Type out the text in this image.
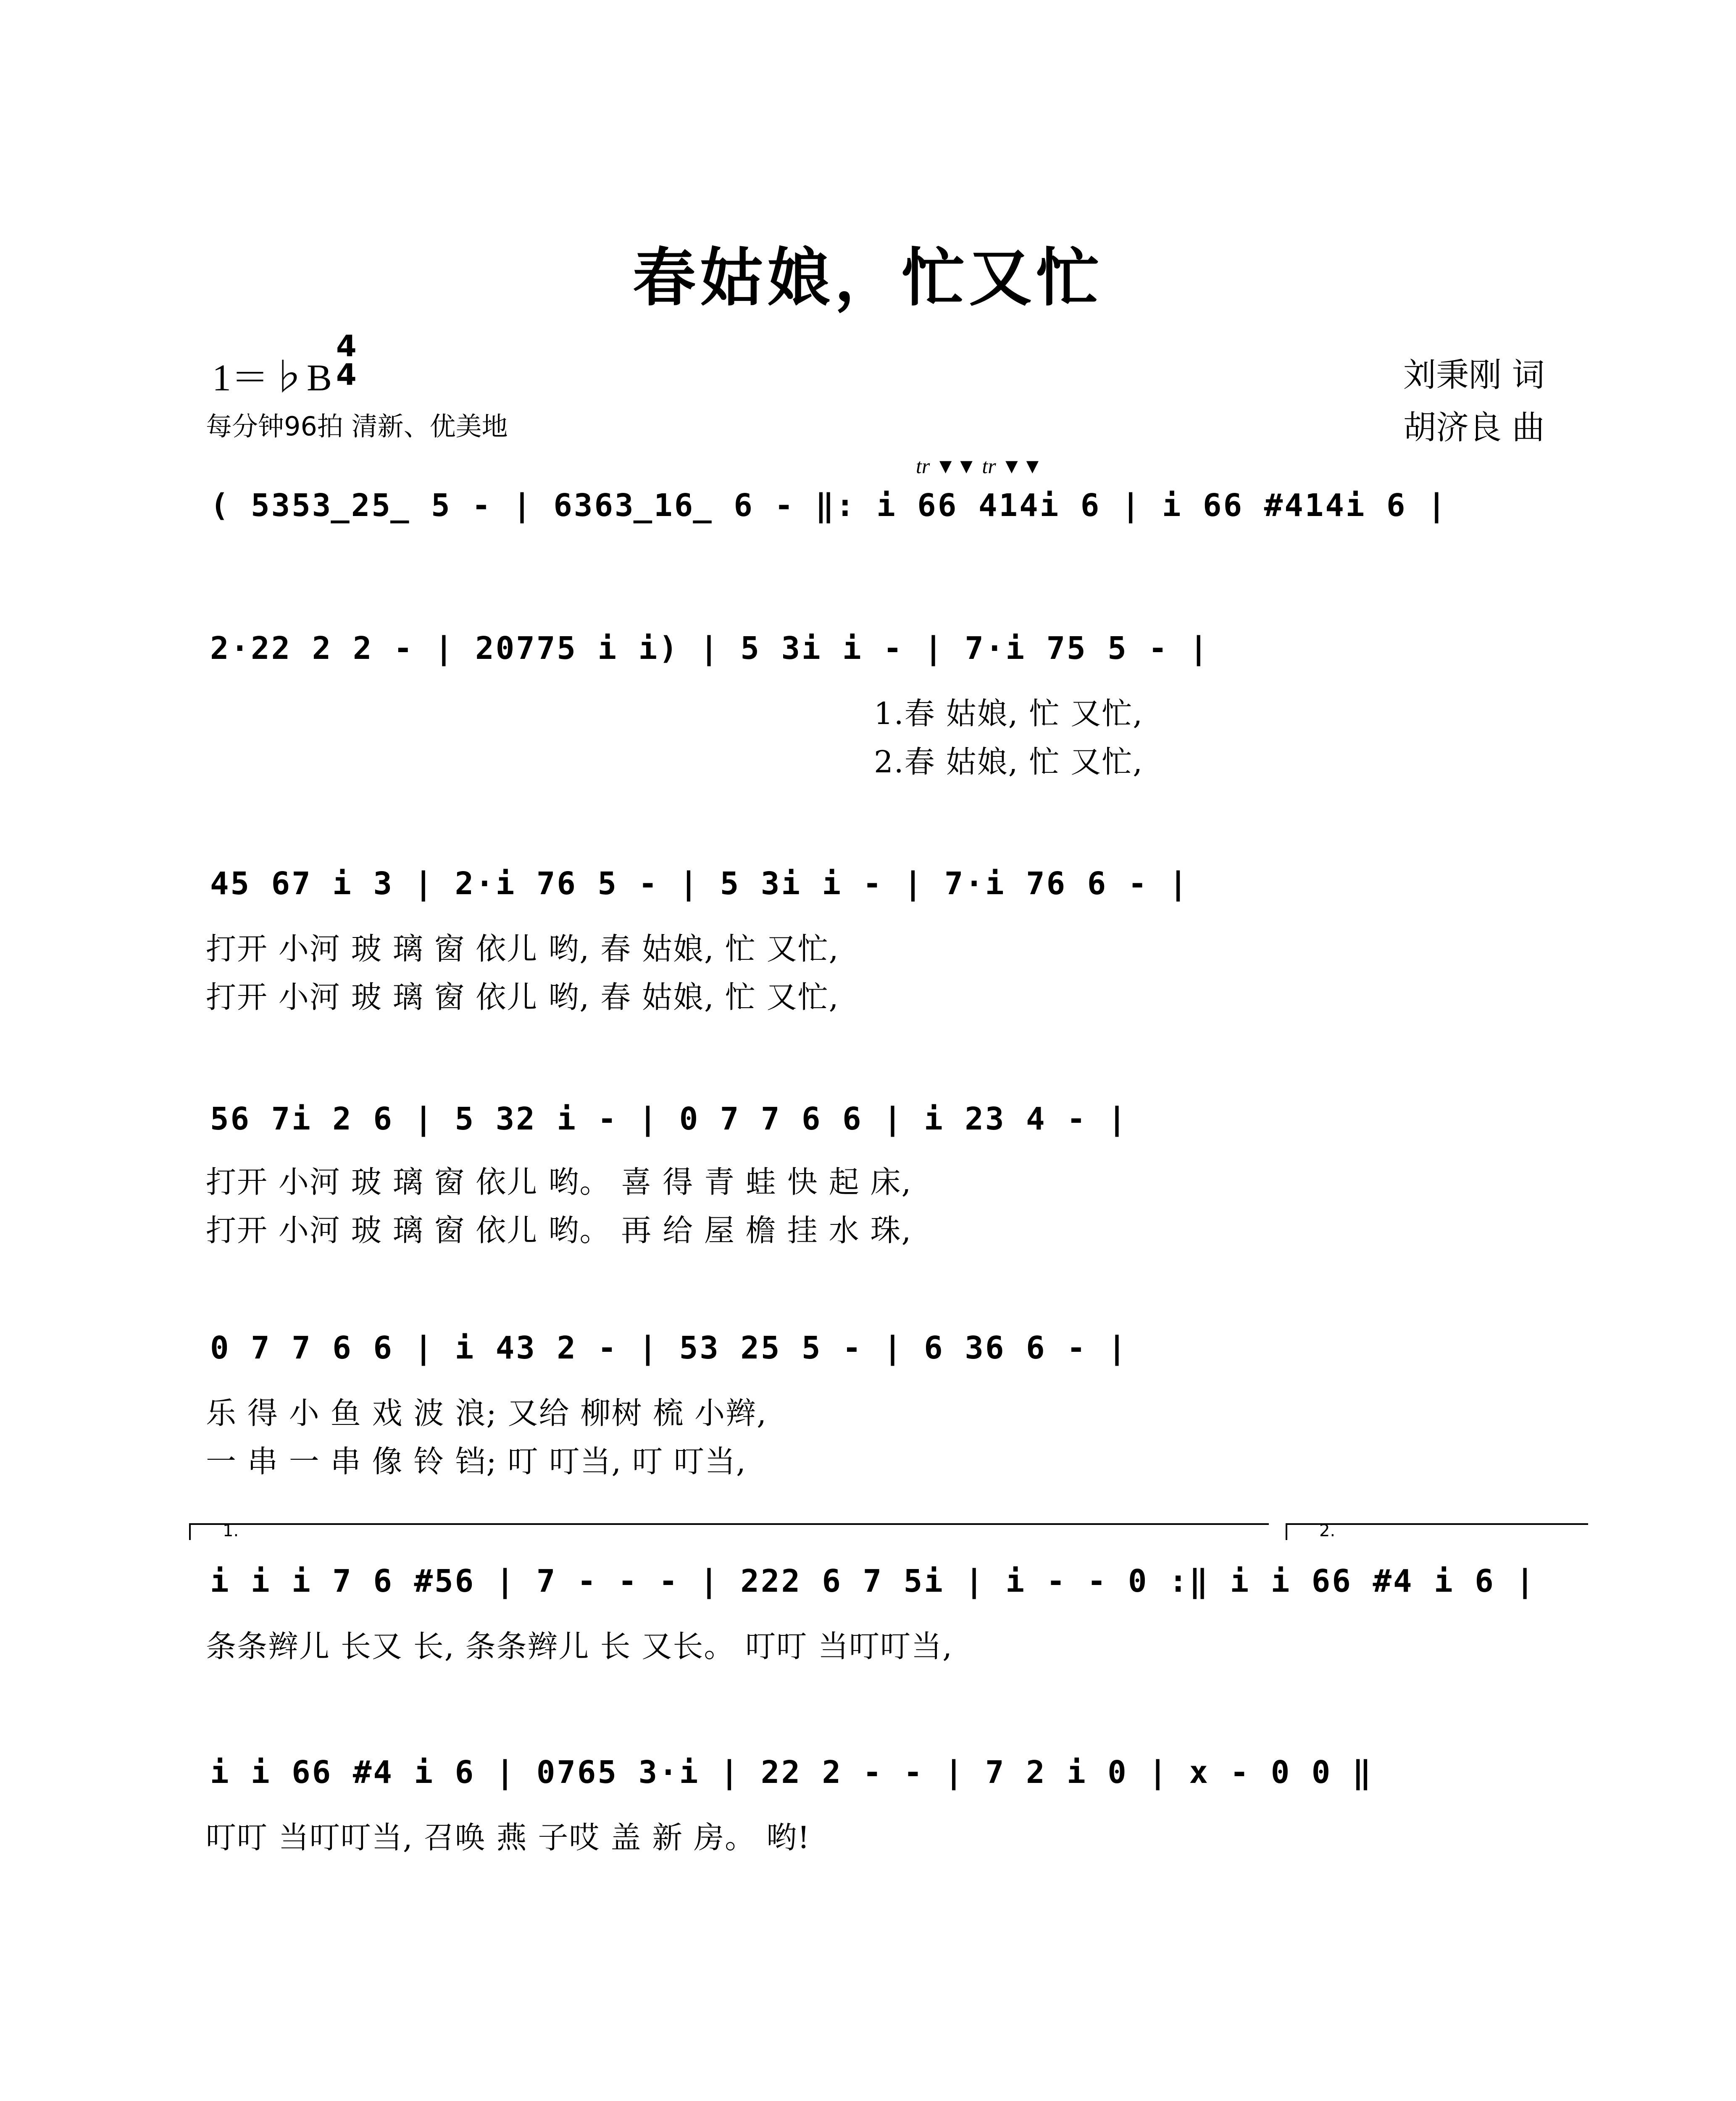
春姑娘，忙又忙
1＝♭B
4
4
每分钟96拍 清新、优美地
刘秉刚 词
胡济良 曲
tr ▼▼ tr ▼▼
( 5353̲25̲ 5 - | 6363̲16̲ 6 - ‖: i 66 414i 6 | i 66 #414i 6 |
2·22 2 2 - | 20775 i i) | 5 3i i - | 7·i 75 5 - |
1.春 姑娘, 忙 又忙,
2.春 姑娘, 忙 又忙,
45 67 i 3 | 2·i 76 5 - | 5 3i i - | 7·i 76 6 - |
打开 小河 玻 璃 窗 依儿 哟, 春 姑娘, 忙 又忙,
打开 小河 玻 璃 窗 依儿 哟, 春 姑娘, 忙 又忙,
56 7i 2 6 | 5 32 i - | 0 7 7 6 6 | i 23 4 - |
打开 小河 玻 璃 窗 依儿 哟。 喜 得 青 蛙 快 起 床,
打开 小河 玻 璃 窗 依儿 哟。 再 给 屋 檐 挂 水 珠,
0 7 7 6 6 | i 43 2 - | 53 25 5 - | 6 36 6 - |
乐 得 小 鱼 戏 波 浪; 又给 柳树 梳 小辫,
一 串 一 串 像 铃 铛; 叮 叮当, 叮 叮当,
1.	2.
i i i 7 6 #56 | 7 - - - | 222 6 7 5i | i - - 0 :‖ i i 66 #4 i 6 |
条条辫儿 长又 长, 条条辫儿 长 又长。 叮叮 当叮叮当,
i i 66 #4 i 6 | 0765 3·i | 22 2 - - | 7 2 i 0 | x - 0 0 ‖
叮叮 当叮叮当, 召唤 燕 子哎 盖 新 房。 哟!
